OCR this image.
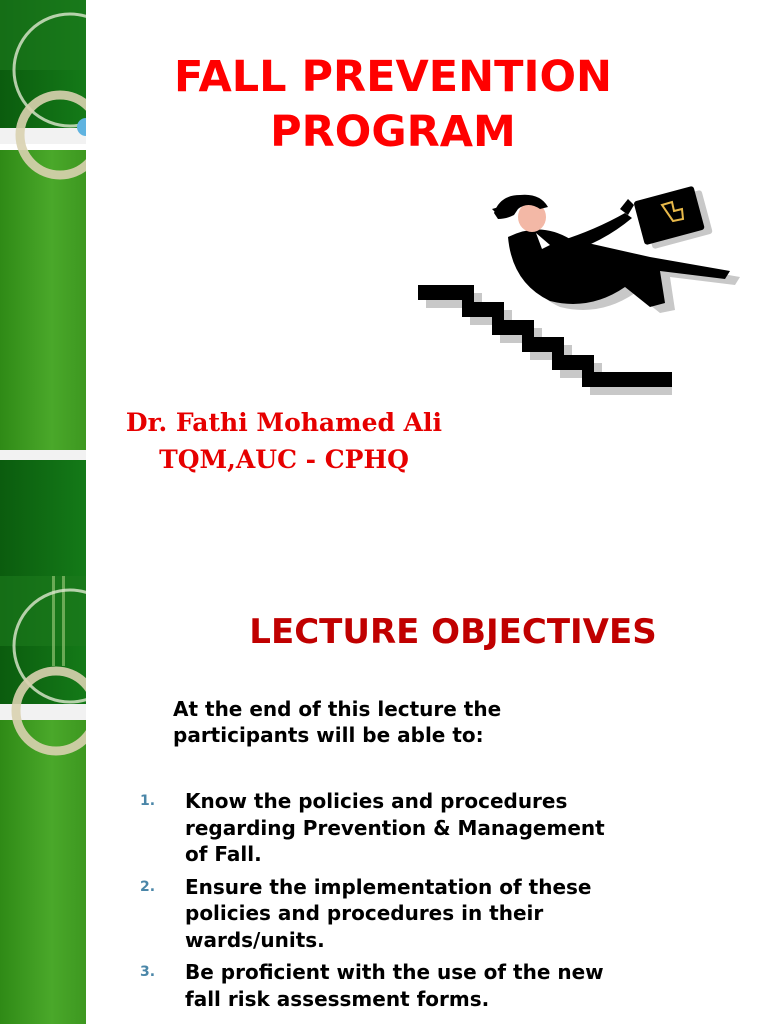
FALL PREVENTION
PROGRAM
Dr. Fathi Mohamed Ali
TQM,AUC - CPHQ
LECTURE OBJECTIVES
At the end of this lecture the
participants will be able to:
1.	Know the policies and procedures
regarding Prevention & Management
of Fall.
2.	Ensure the implementation of these
policies and procedures in their
wards/units.
3.	Be proficient with the use of the new
fall risk assessment forms.
